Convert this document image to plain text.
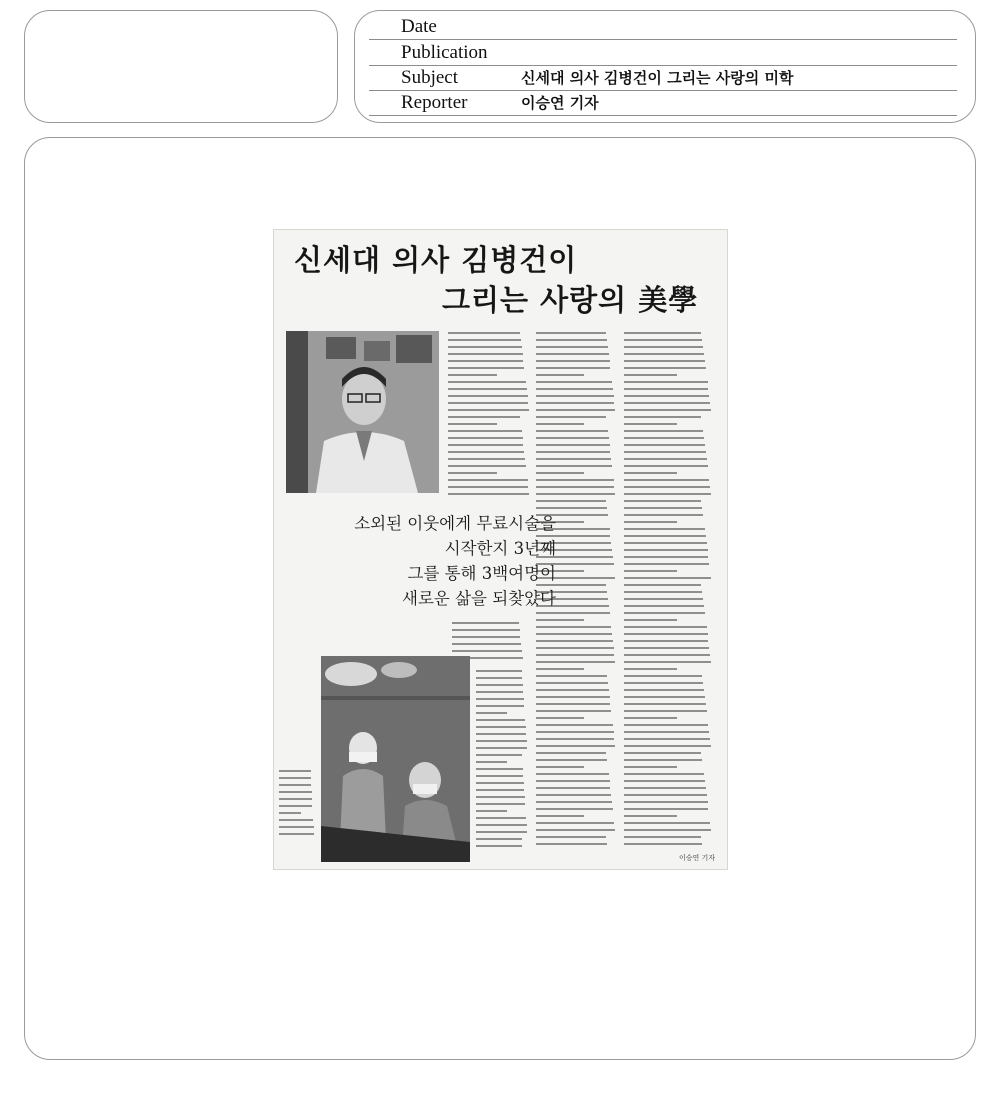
Date
Publication
Subject	신세대 의사 김병건이 그리는 사랑의 미학
Reporter	이승연 기자
신세대 의사 김병건이
그리는 사랑의 美學
소외된 이웃에게 무료시술을
시작한지 3년째
그를 통해 3백여명이
새로운 삶을 되찾았다
이승연 기자
